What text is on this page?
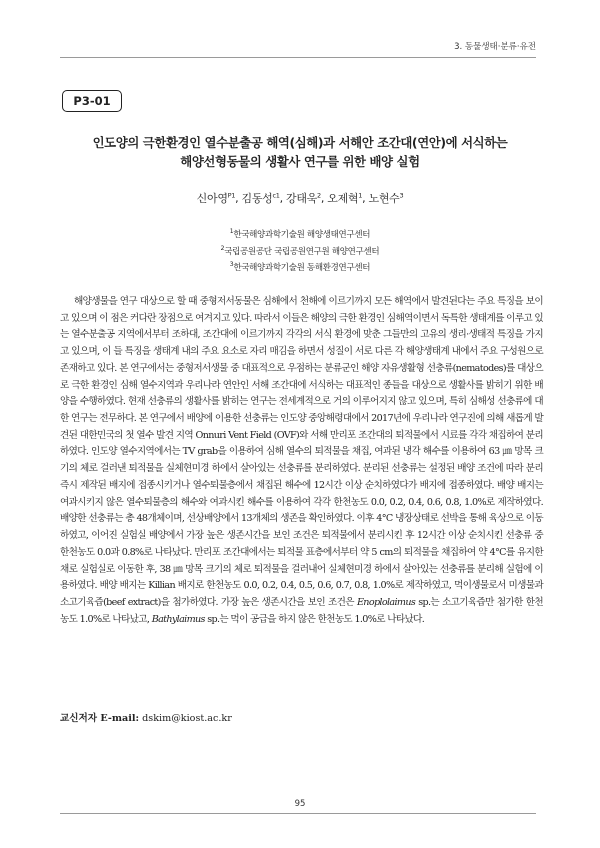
3. 동물생태·분류·유전
P3-01
인도양의 극한환경인 열수분출공 해역(심해)과 서해안 조간대(연안)에 서식하는
해양선형동물의 생활사 연구를 위한 배양 실험
신아영$^{P1}$, 김동성$^{c1}$, 강태욱$^2$, 오제혁$^1$, 노현수$^3$
$^1$한국해양과학기술원 해양생태연구센터
$^2$국립공원공단 국립공원연구원 해양연구센터
$^3$한국해양과학기술원 동해환경연구센터

해양생물을 연구 대상으로 할 때 중형저서동물은 심해에서 천해에 이르기까지 모든 해역에서 발견된다는 주요 특징을 보이고 있으며 이 점은 커다란 장점으로 여겨지고 있다. 따라서 이들은 해양의 극한 환경인 심해역이면서 독특한 생태계를 이루고 있는 열수분출공 지역에서부터 조하대, 조간대에 이르기까지 각각의 서식 환경에 맞춘 그들만의 고유의 생리·생태적 특징을 가지고 있으며, 이 들 특징을 생태계 내의 주요 요소로 자리 매김을 하면서 성질이 서로 다른 각 해양생태계 내에서 주요 구성원으로 존재하고 있다. 본 연구에서는 중형저서생물 중 대표적으로 우점하는 분류군인 해양 자유생활형 선충류(nematodes)를 대상으로 극한 환경인 심해 열수지역과 우리나라 연안인 서해 조간대에 서식하는 대표적인 종들을 대상으로 생활사를 밝히기 위한 배양을 수행하였다. 현재 선충류의 생활사를 밝히는 연구는 전세계적으로 거의 이루어지지 않고 있으며, 특히 심해성 선충류에 대한 연구는 전무하다. 본 연구에서 배양에 이용한 선충류는 인도양 중앙해령대에서 2017년에 우리나라 연구진에 의해 새롭게 발견된 대한민국의 첫 열수 발견 지역 Onnuri Vent Field (OVF)와 서해 만리포 조간대의 퇴적물에서 시료를 각각 채집하여 분리하였다. 인도양 열수지역에서는 TV grab을 이용하여 심해 열수의 퇴적물을 채집, 여과된 냉각 해수를 이용하여 63 ㎛ 망목 크기의 체로 걸러낸 퇴적물을 실체현미경 하에서 살아있는 선충류를 분리하였다. 분리된 선충류는 설정된 배양 조건에 따라 분리 즉시 제작된 배지에 접종시키거나 열수퇴물층에서 채집된 해수에 12시간 이상 순치하였다가 배지에 접종하였다. 배양 배지는 여과시키지 않은 열수퇴물층의 해수와 여과시킨 해수를 이용하여 각각 한천농도 0.0, 0.2, 0.4, 0.6, 0.8, 1.0%로 제작하였다. 배양한 선충류는 총 48개체이며, 선상배양에서 13개체의 생존을 확인하였다. 이후 4°C 냉장상태로 선박을 통해 육상으로 이동하였고, 이어진 실험실 배양에서 가장 높은 생존시간을 보인 조건은 퇴적물에서 분리시킨 후 12시간 이상 순치시킨 선충류 중 한천농도 0.0과 0.8%로 나타났다. 만리포 조간대에서는 퇴적물 표층에서부터 약 5 cm의 퇴적물을 채집하여 약 4°C를 유지한 채로 실험실로 이동한 후, 38 ㎛ 망목 크기의 체로 퇴적물을 걸러내어 실체현미경 하에서 살아있는 선충류를 분리해 실험에 이용하였다. 배양 배지는 Killian 배지로 한천농도 0.0, 0.2, 0.4, 0.5, 0.6, 0.7, 0.8, 1.0%로 제작하였고, 먹이생물로서 미생물과 소고기육즙(beef extract)을 첨가하였다. 가장 높은 생존시간을 보인 조건은 Enoplolaimus sp.는 소고기육즙만 첨가한 한천농도 1.0%로 나타났고, Bathylaimus sp.는 먹이 공급을 하지 않은 한천농도 1.0%로 나타났다.

교신저자 E-mail: dskim@kiost.ac.kr
95
